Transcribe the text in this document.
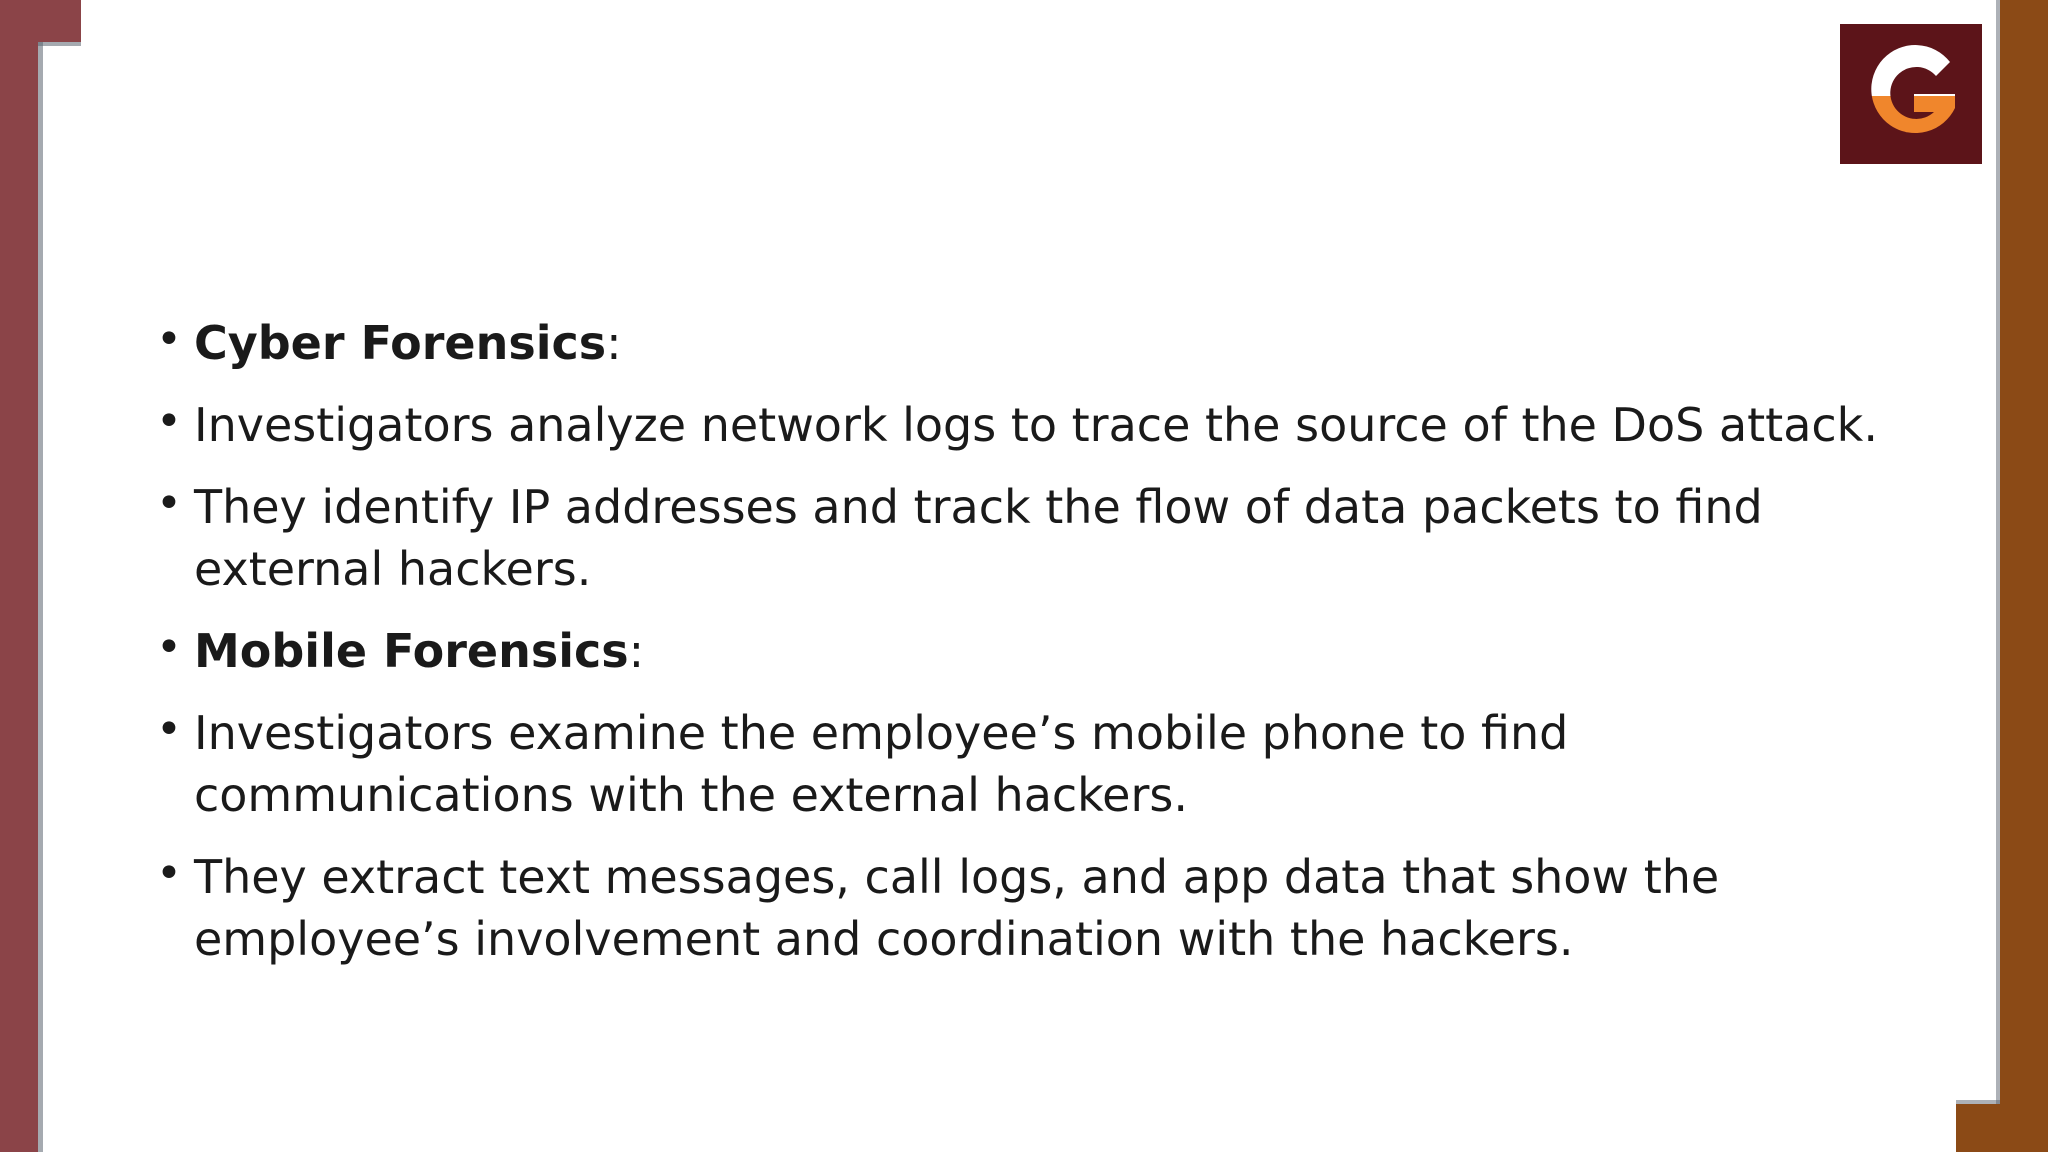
• Cyber Forensics:
• Investigators analyze network logs to trace the source of the DoS attack.
• They identify IP addresses and track the flow of data packets to find external hackers.
• Mobile Forensics:
• Investigators examine the employee’s mobile phone to find communications with the external hackers.
• They extract text messages, call logs, and app data that show the employee’s involvement and coordination with the hackers.
